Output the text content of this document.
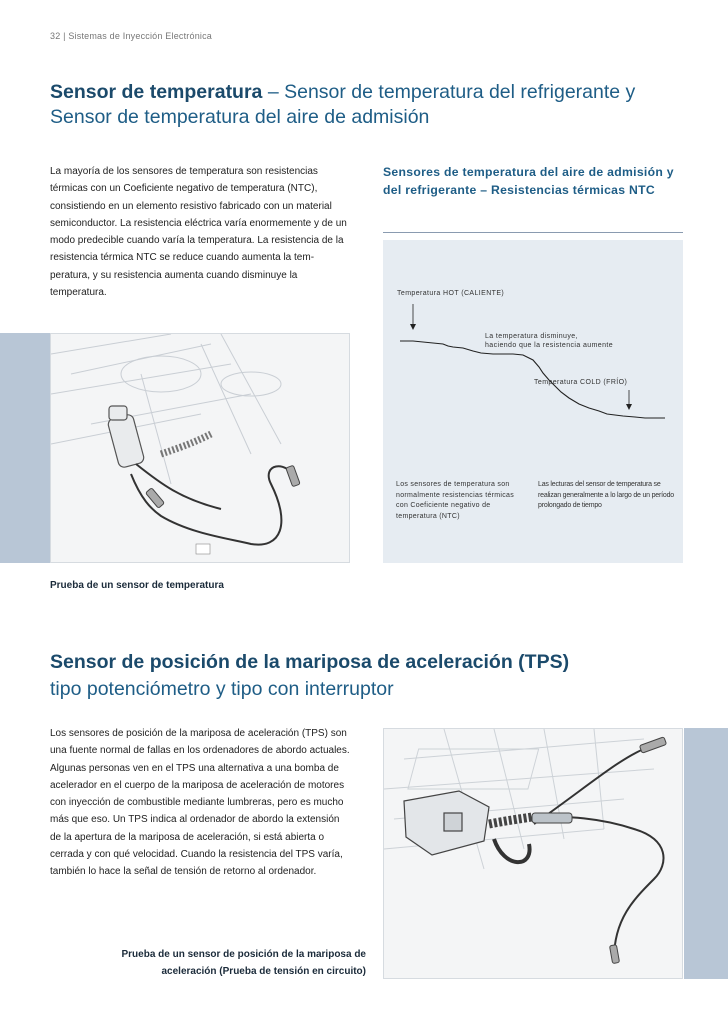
32 | Sistemas de Inyección Electrónica
Sensor de temperatura – Sensor de temperatura del refrigerante y Sensor de temperatura del aire de admisión
La mayoría de los sensores de temperatura son resistencias térmicas con un Coeficiente negativo de temperatura (NTC), consistiendo en un elemento resistivo fabricado con un material semiconductor. La resistencia eléctrica varía enormemente y de un modo predecible cuando varía la temperatura. La resistencia de la resistencia térmica NTC se reduce cuando aumenta la temperatura, y su resistencia aumenta cuando disminuye la temperatura.
Sensores de temperatura del aire de admisión y del refrigerante – Resistencias térmicas NTC
Temperatura HOT (CALIENTE)
La temperatura disminuye,
haciendo que la resistencia aumente
Temperatura COLD (FRÍO)
Los sensores de temperatura son normalmente resistencias térmicas con Coeficiente negativo de temperatura (NTC)
Las lecturas del sensor de temperatura se realizan generalmente a lo largo de un período prolongado de tiempo
Prueba de un sensor de temperatura
Sensor de posición de la mariposa de aceleración (TPS)
tipo potenciómetro y tipo con interruptor
Los sensores de posición de la mariposa de aceleración (TPS) son una fuente normal de fallas en los ordenadores de abordo actuales. Algunas personas ven en el TPS una alternativa a una bomba de acelerador en el cuerpo de la mariposa de aceleración de motores con inyección de combustible mediante lumbreras, pero es mucho más que eso. Un TPS indica al ordenador de abordo la extensión de la apertura de la mariposa de aceleración, si está abierta o cerrada y con qué velocidad. Cuando la resistencia del TPS varía, también lo hace la señal de tensión de retorno al ordenador.
Prueba de un sensor de posición de la mariposa de
aceleración (Prueba de tensión en circuito)
